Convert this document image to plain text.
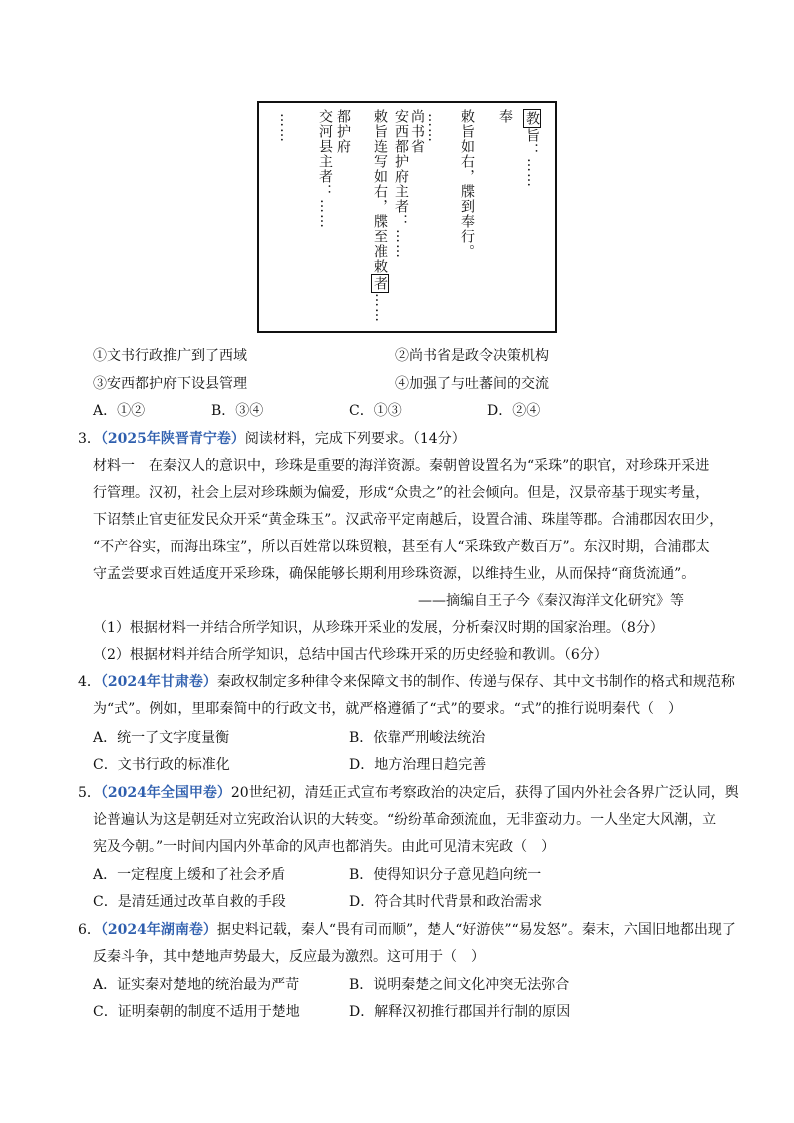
教旨：……
奉
敕旨如右，牒到奉行。
……
尚书省
安西都护府主者：……
敕旨连写如右，牒至准敕者……
都护府
交河县主者：……
……
①文书行政推广到了西域	②尚书省是政令决策机构
③安西都护府下设县管理	④加强了与吐蕃间的交流
A．①②	B．③④	C．①③	D．②④
3．（2025年陕晋青宁卷）阅读材料，完成下列要求。（14分）
材料一　在秦汉人的意识中，珍珠是重要的海洋资源。秦朝曾设置名为“采珠”的职官，对珍珠开采进
行管理。汉初，社会上层对珍珠颇为偏爱，形成“众贵之”的社会倾向。但是，汉景帝基于现实考量，
下诏禁止官吏征发民众开采“黄金珠玉”。汉武帝平定南越后，设置合浦、珠崖等郡。合浦郡因农田少，
“不产谷实，而海出珠宝”，所以百姓常以珠贸粮，甚至有人“采珠致产数百万”。东汉时期，合浦郡太
守孟尝要求百姓适度开采珍珠，确保能够长期利用珍珠资源，以维持生业，从而保持“商货流通”。
——摘编自王子今《秦汉海洋文化研究》等
（1）根据材料一并结合所学知识，从珍珠开采业的发展，分析秦汉时期的国家治理。（8分）
（2）根据材料并结合所学知识，总结中国古代珍珠开采的历史经验和教训。（6分）
4．（2024年甘肃卷）秦政权制定多种律令来保障文书的制作、传递与保存、其中文书制作的格式和规范称
为“式”。例如，里耶秦简中的行政文书，就严格遵循了“式”的要求。“式”的推行说明秦代（　）
A．统一了文字度量衡	B．依靠严刑峻法统治
C．文书行政的标准化	D．地方治理日趋完善
5．（2024年全国甲卷）20世纪初，清廷正式宣布考察政治的决定后，获得了国内外社会各界广泛认同，舆
论普遍认为这是朝廷对立宪政治认识的大转变。“纷纷革命颈流血，无非蛮动力。一人坐定大风潮，立
宪及今朝。”一时间内国内外革命的风声也都消失。由此可见清末宪政（　）
A．一定程度上缓和了社会矛盾	B．使得知识分子意见趋向统一
C．是清廷通过改革自救的手段	D．符合其时代背景和政治需求
6．（2024年湖南卷）据史料记载，秦人“畏有司而顺”，楚人“好游侠”“易发怒”。秦末，六国旧地都出现了
反秦斗争，其中楚地声势最大，反应最为激烈。这可用于（　）
A．证实秦对楚地的统治最为严苛	B．说明秦楚之间文化冲突无法弥合
C．证明秦朝的制度不适用于楚地	D．解释汉初推行郡国并行制的原因
